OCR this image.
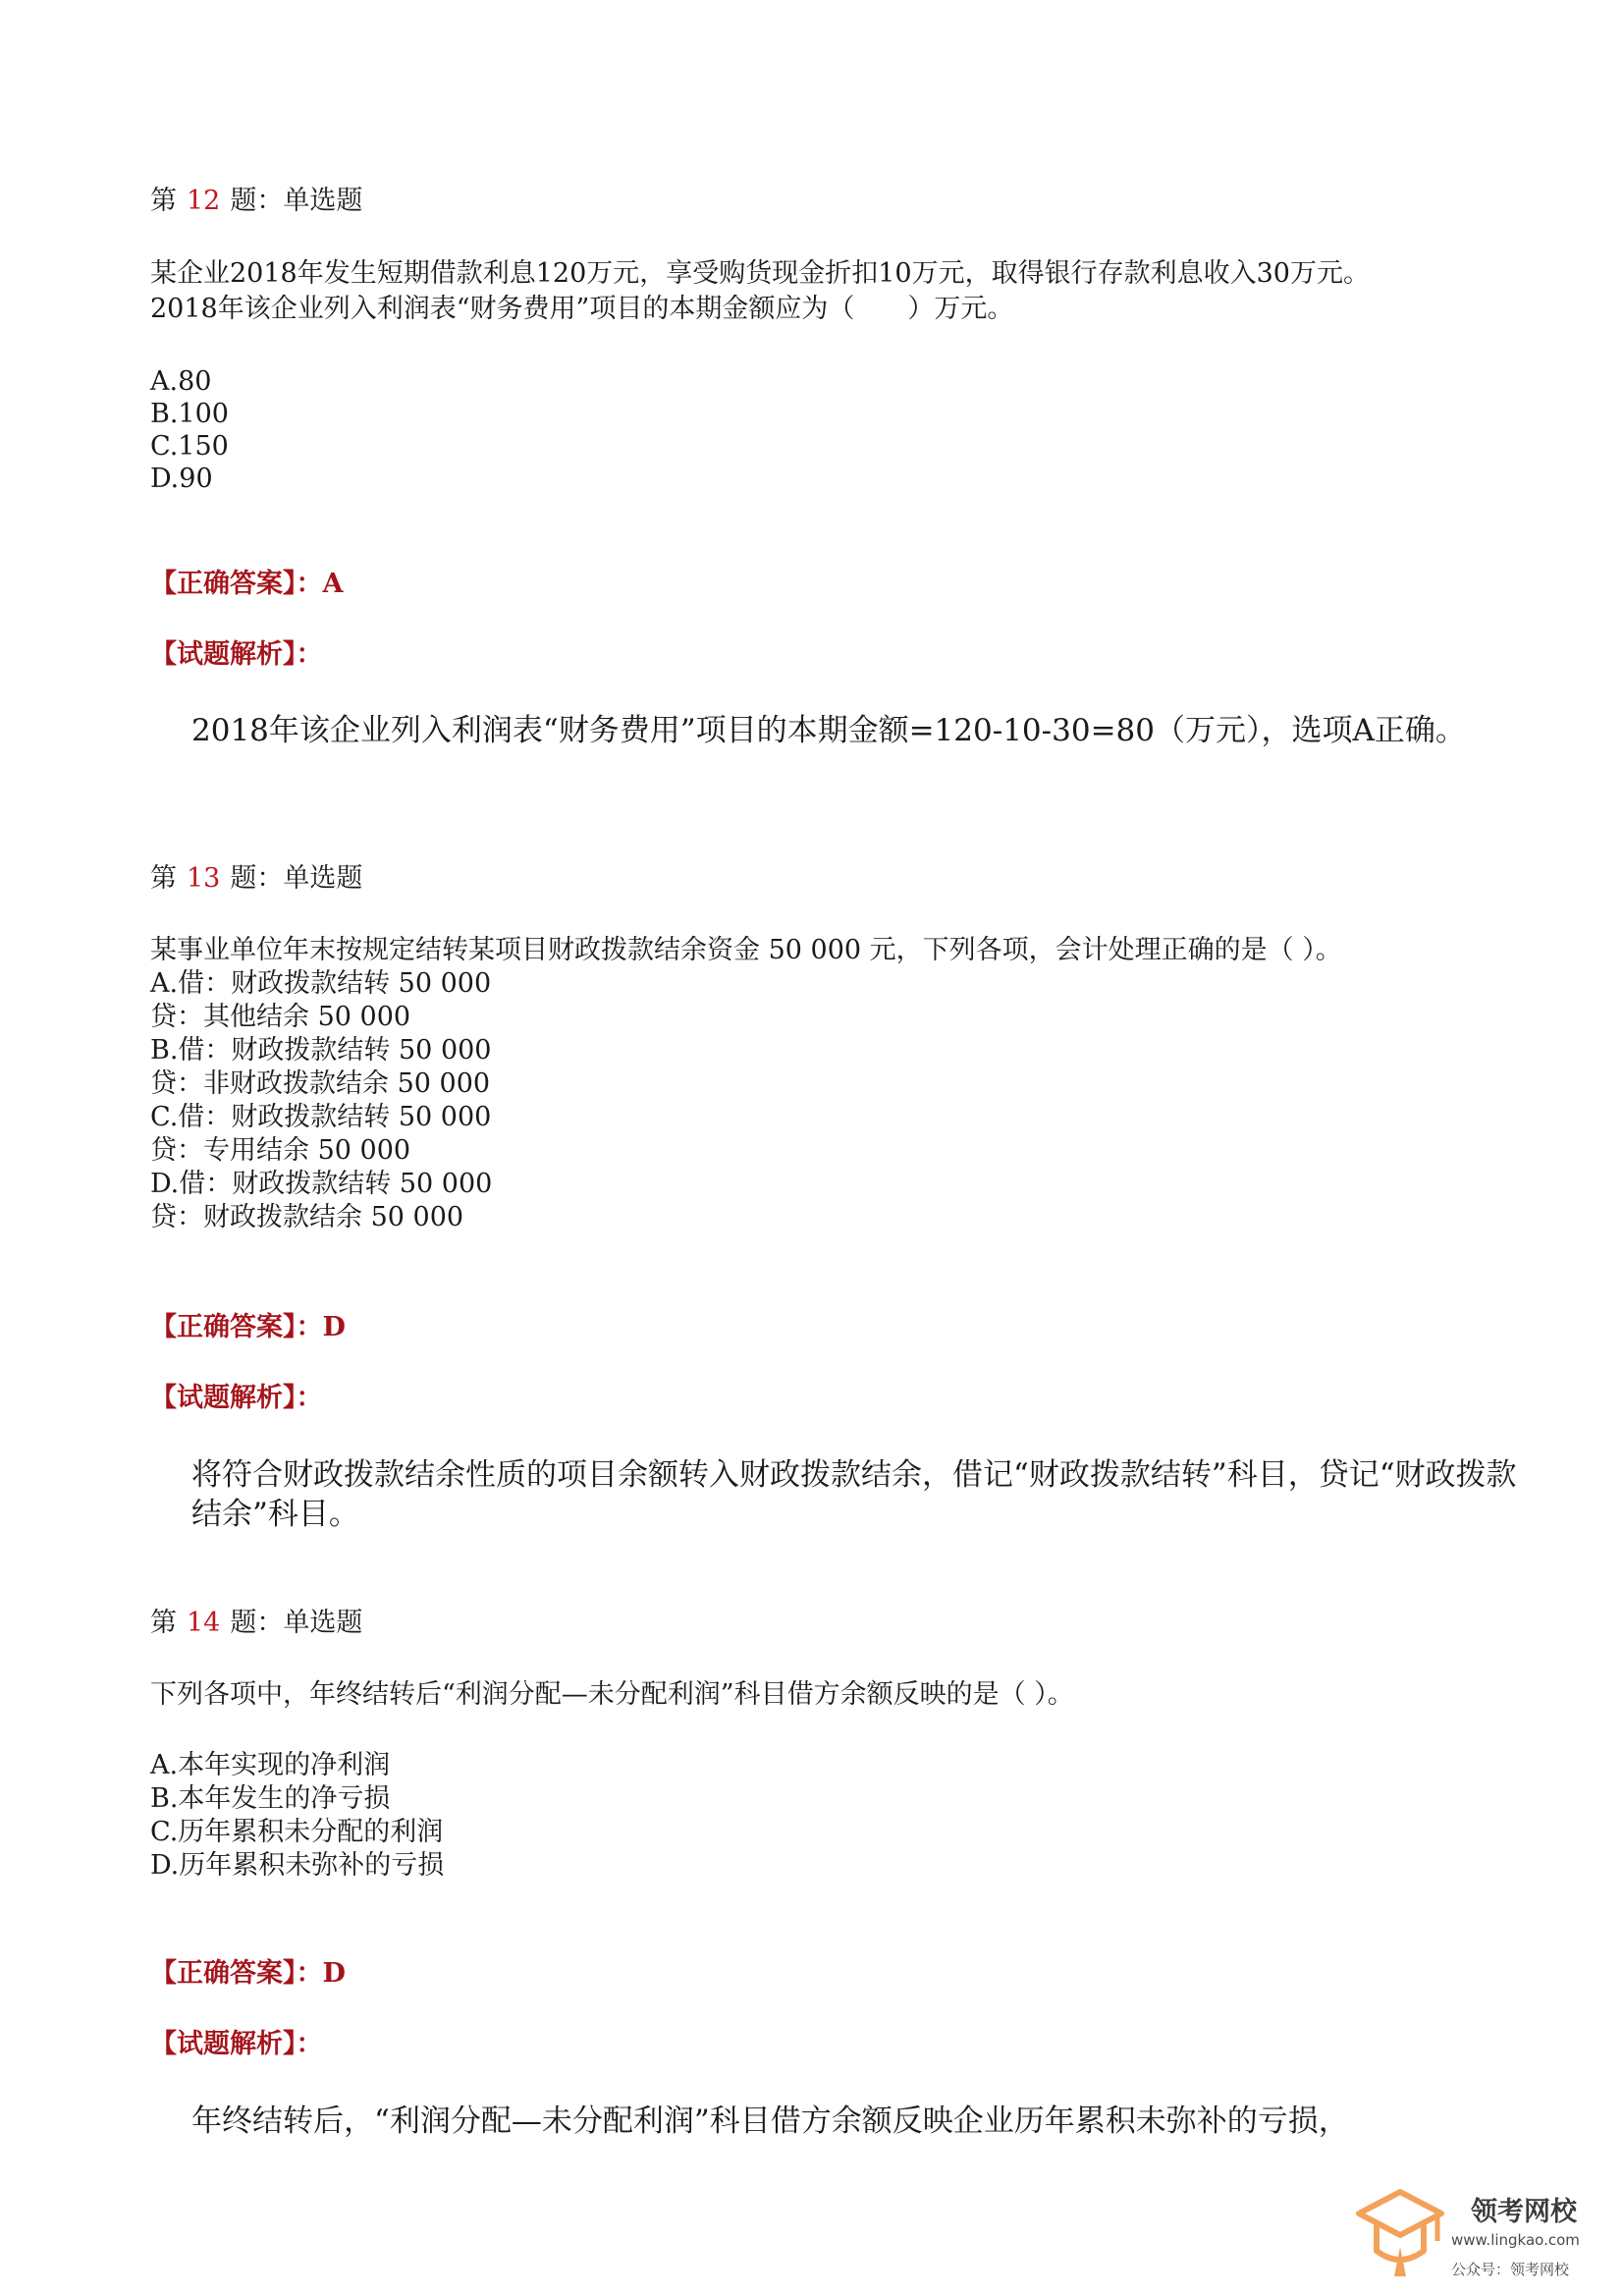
第 12 题：单选题
某企业2018年发生短期借款利息120万元，享受购货现金折扣10万元，取得银行存款利息收入30万元。
2018年该企业列入利润表“财务费用”项目的本期金额应为（　　）万元。
A.80
B.100
C.150
D.90
【正确答案】：A
【试题解析】：
2018年该企业列入利润表“财务费用”项目的本期金额=120-10-30=80（万元），选项A正确。
第 13 题：单选题
某事业单位年末按规定结转某项目财政拨款结余资金 50 000 元，下列各项，会计处理正确的是（ ）。
A.借：财政拨款结转 50 000
贷：其他结余 50 000
B.借：财政拨款结转 50 000
贷：非财政拨款结余 50 000
C.借：财政拨款结转 50 000
贷：专用结余 50 000
D.借：财政拨款结转 50 000
贷：财政拨款结余 50 000
【正确答案】：D
【试题解析】：
将符合财政拨款结余性质的项目余额转入财政拨款结余，借记“财政拨款结转”科目，贷记“财政拨款结余”科目。
第 14 题：单选题
下列各项中，年终结转后“利润分配—未分配利润”科目借方余额反映的是（ ）。
A.本年实现的净利润
B.本年发生的净亏损
C.历年累积未分配的利润
D.历年累积未弥补的亏损
【正确答案】：D
【试题解析】：
年终结转后，“利润分配—未分配利润”科目借方余额反映企业历年累积未弥补的亏损，
领考网校
www.lingkao.com
公众号：领考网校
